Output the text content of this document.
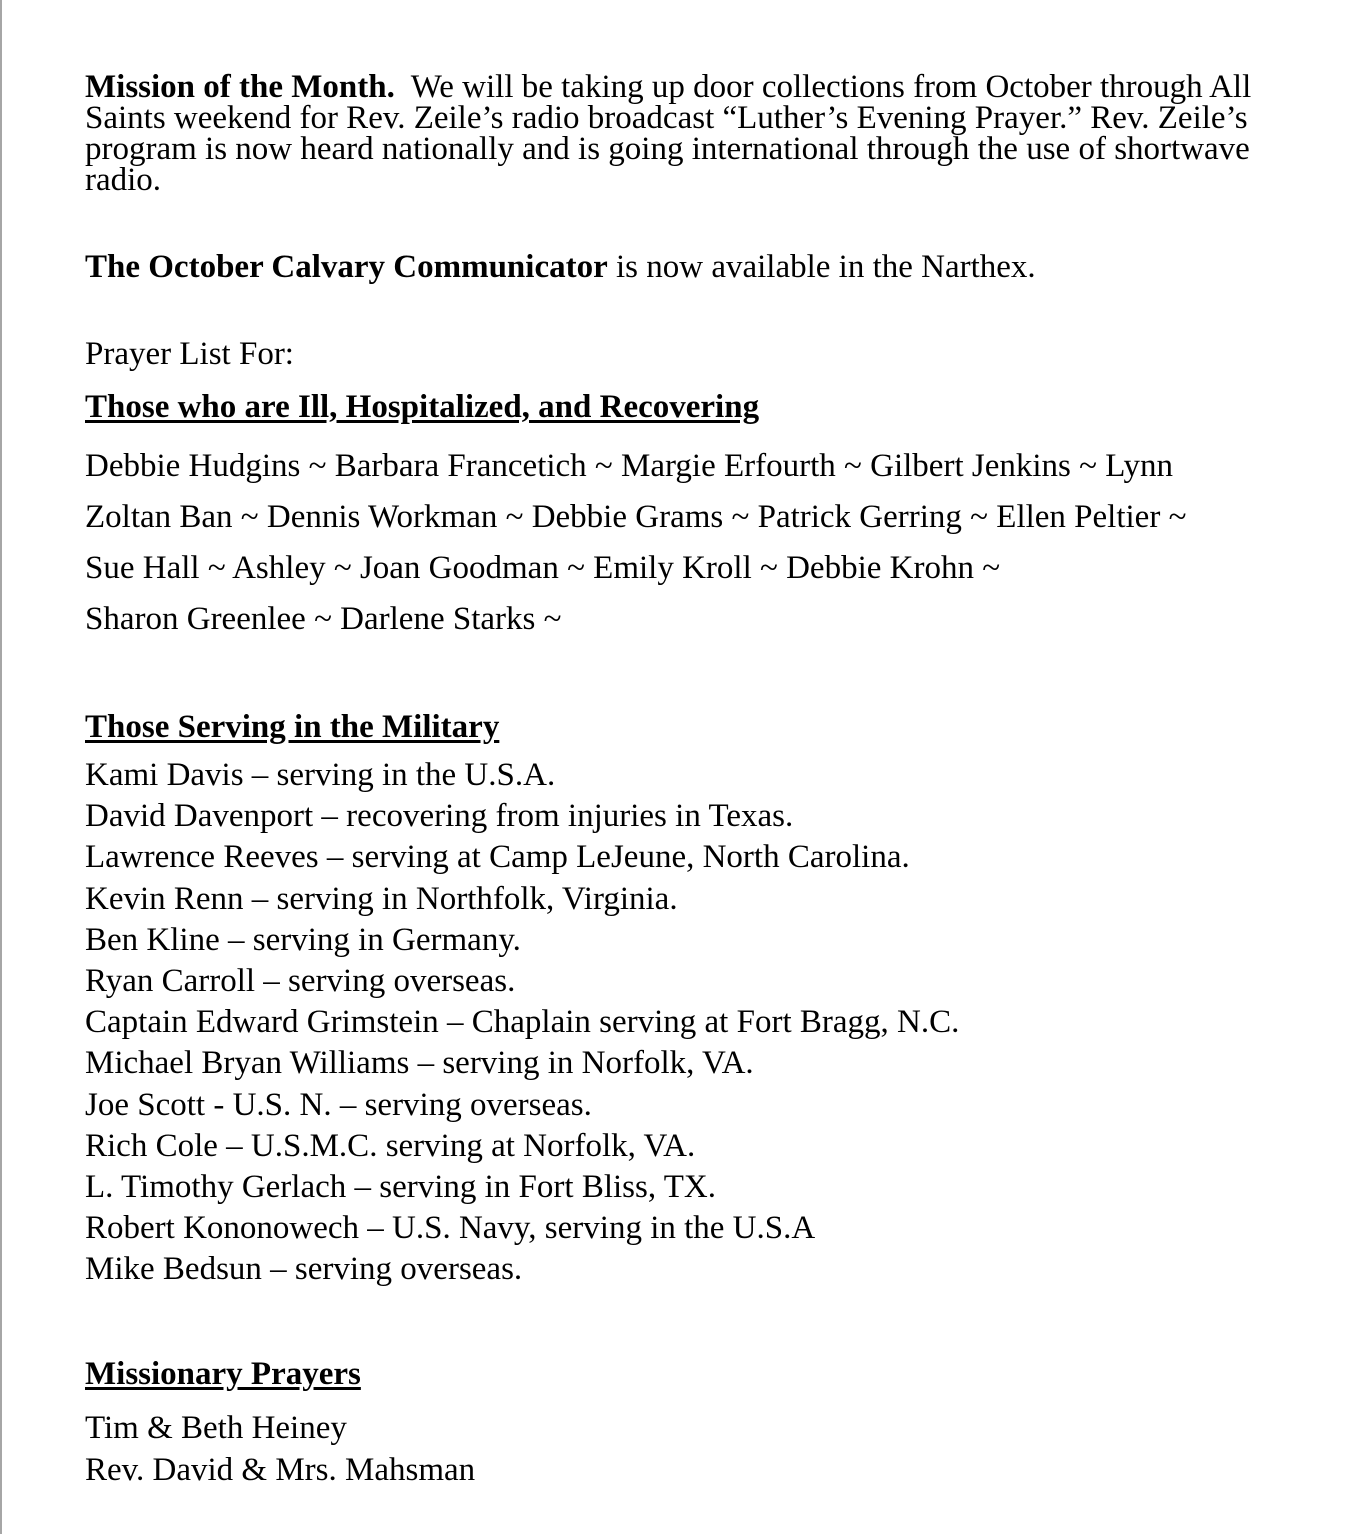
Mission of the Month. We will be taking up door collections from October through All Saints weekend for Rev. Zeile’s radio broadcast “Luther’s Evening Prayer.” Rev. Zeile’s program is now heard nationally and is going international through the use of shortwave radio.

The October Calvary Communicator is now available in the Narthex.

Prayer List For:

Those who are Ill, Hospitalized, and Recovering
Debbie Hudgins ~ Barbara Francetich ~ Margie Erfourth ~ Gilbert Jenkins ~ Lynn
Zoltan Ban ~ Dennis Workman ~ Debbie Grams ~ Patrick Gerring ~ Ellen Peltier ~
Sue Hall ~ Ashley ~ Joan Goodman ~ Emily Kroll ~ Debbie Krohn ~
Sharon Greenlee ~ Darlene Starks ~
Those Serving in the Military
Kami Davis – serving in the U.S.A.
David Davenport – recovering from injuries in Texas.
Lawrence Reeves – serving at Camp LeJeune, North Carolina.
Kevin Renn – serving in Northfolk, Virginia.
Ben Kline – serving in Germany.
Ryan Carroll – serving overseas.
Captain Edward Grimstein – Chaplain serving at Fort Bragg, N.C.
Michael Bryan Williams – serving in Norfolk, VA.
Joe Scott - U.S. N. – serving overseas.
Rich Cole – U.S.M.C. serving at Norfolk, VA.
L. Timothy Gerlach – serving in Fort Bliss, TX.
Robert Kononowech – U.S. Navy, serving in the U.S.A
Mike Bedsun – serving overseas.
Missionary Prayers
Tim & Beth Heiney
Rev. David & Mrs. Mahsman
